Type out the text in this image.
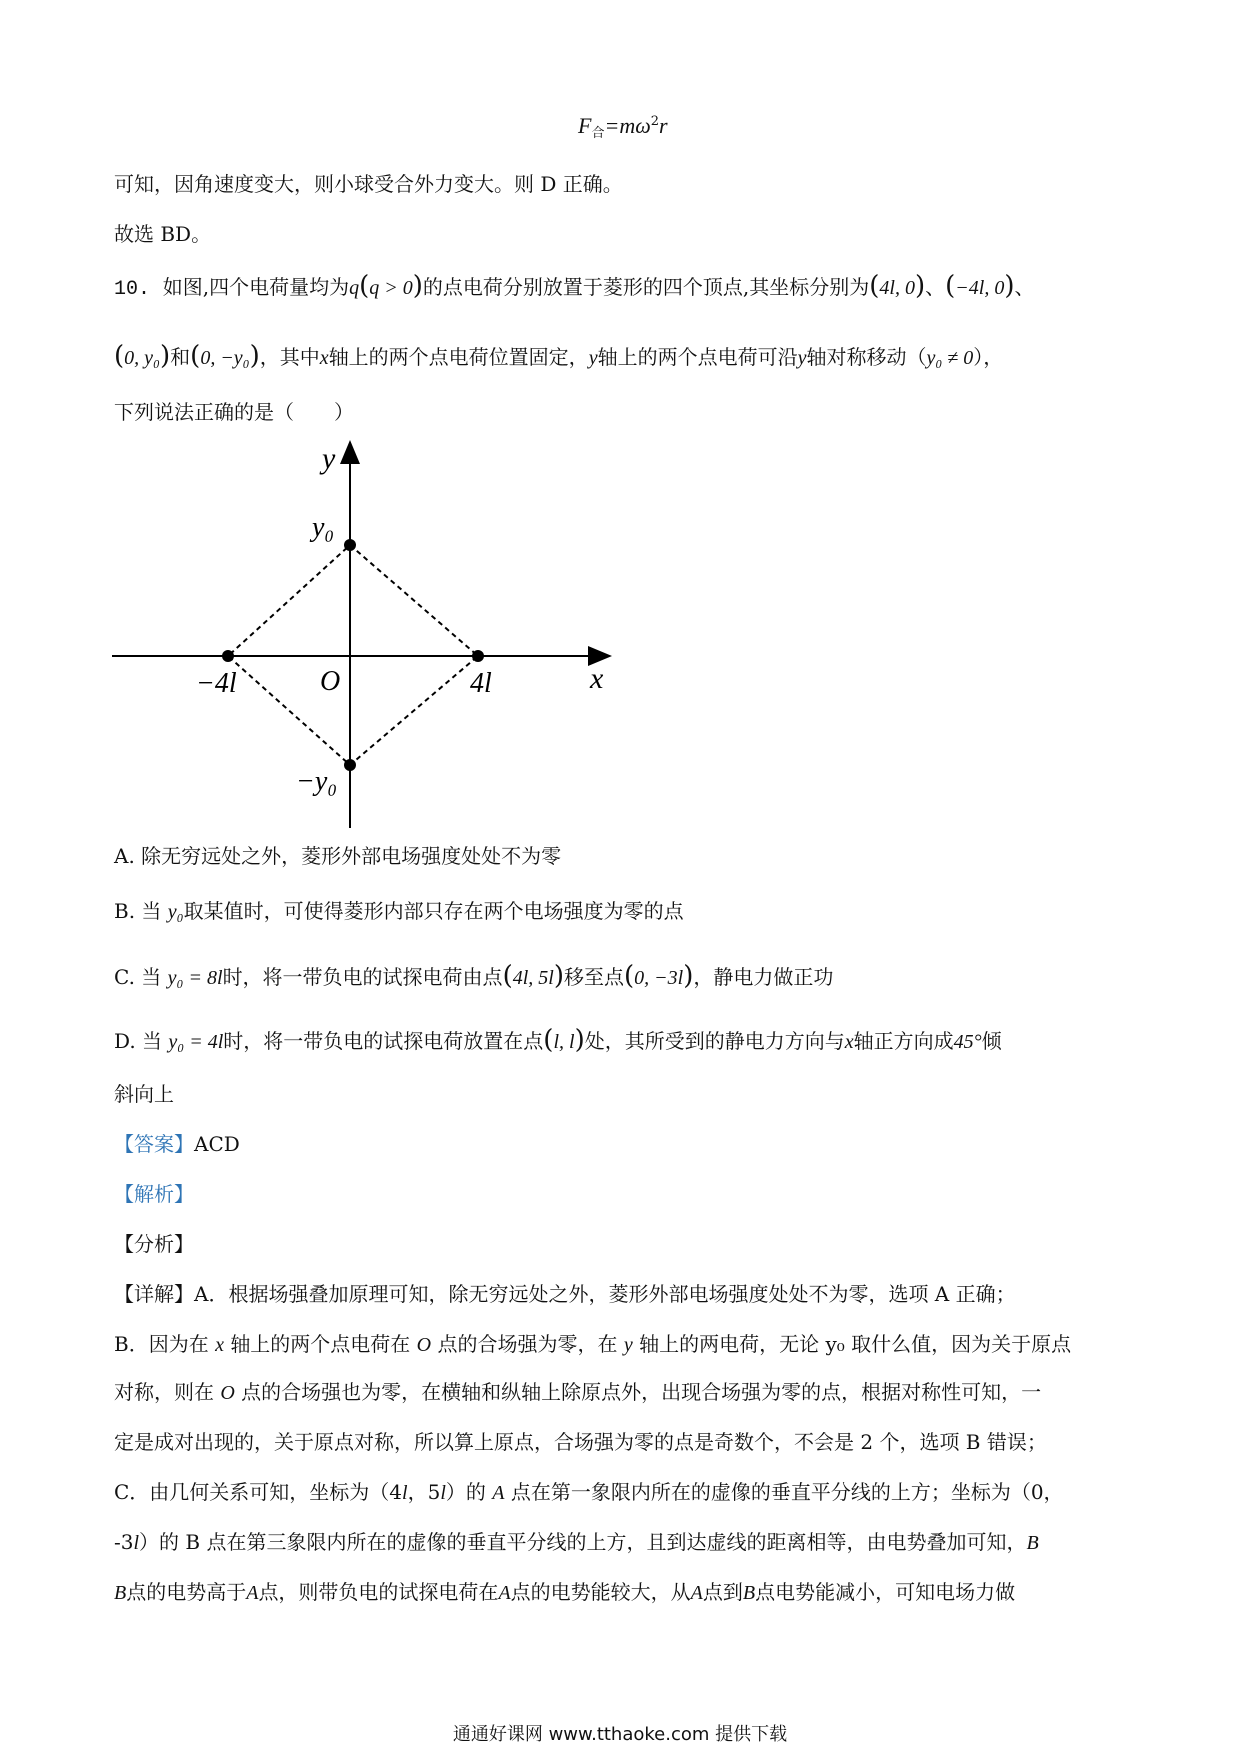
$F_合=m\omega^2r$
可知，因角速度变大，则小球受合外力变大。则 D 正确。
故选 BD。
10. 如图,四个电荷量均为q(q > 0)的点电荷分别放置于菱形的四个顶点,其坐标分别为(4l, 0)、(−4l, 0)、
(0, y₀)和(0, −y₀)，其中x轴上的两个点电荷位置固定，y轴上的两个点电荷可沿y轴对称移动（y₀ ≠ 0），
下列说法正确的是（　　）
y
x
y₀
−y₀
−4l	O	4l
A. 除无穷远处之外，菱形外部电场强度处处不为零
B. 当 y₀取某值时，可使得菱形内部只存在两个电场强度为零的点
C. 当 y₀ = 8l时，将一带负电的试探电荷由点(4l, 5l)移至点(0, −3l)，静电力做正功
D. 当 y₀ = 4l时，将一带负电的试探电荷放置在点(l, l)处，其所受到的静电力方向与x轴正方向成45°倾
斜向上
【答案】ACD
【解析】
【分析】
【详解】A．根据场强叠加原理可知，除无穷远处之外，菱形外部电场强度处处不为零，选项 A 正确；
B．因为在 x 轴上的两个点电荷在 O 点的合场强为零，在 y 轴上的两电荷，无论 y₀ 取什么值，因为关于原点
对称，则在 O 点的合场强也为零，在横轴和纵轴上除原点外，出现合场强为零的点，根据对称性可知，一
定是成对出现的，关于原点对称，所以算上原点，合场强为零的点是奇数个，不会是 2 个，选项 B 错误；
C．由几何关系可知，坐标为（4l，5l）的 A 点在第一象限内所在的虚像的垂直平分线的上方；坐标为（0，
-3l）的 B 点在第三象限内所在的虚像的垂直平分线的上方，且到达虚线的距离相等，由电势叠加可知，B
B点的电势高于A点，则带负电的试探电荷在A点的电势能较大，从A点到B点电势能减小，可知电场力做
通通好课网 www.tthaoke.com 提供下载
